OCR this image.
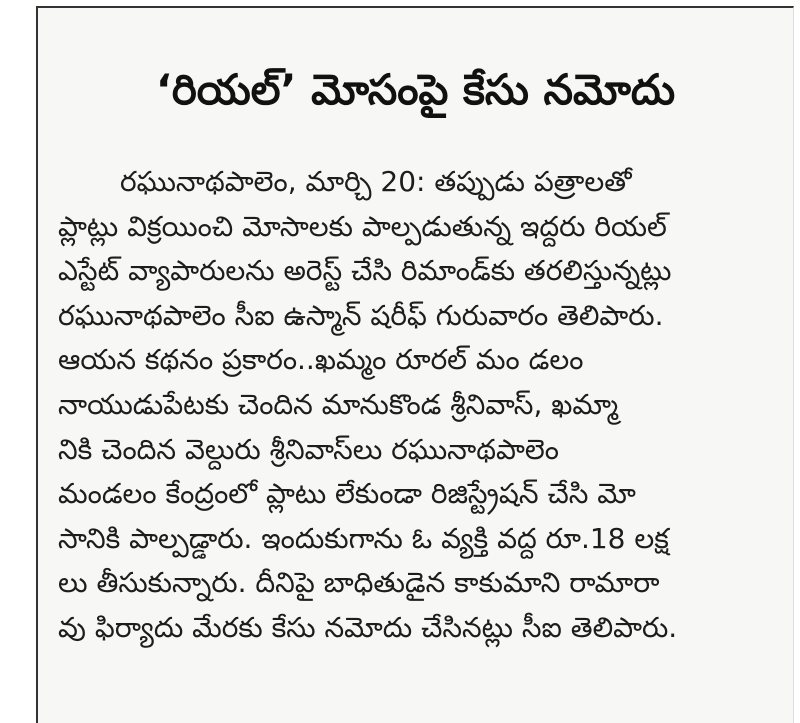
‘రియల్’ మోసంపై కేసు నమోదు
రఘునాథపాలెం, మార్చి 20: తప్పుడు పత్రాలతో
ప్లాట్లు విక్రయించి మోసాలకు పాల్పడుతున్న ఇద్దరు రియల్
ఎస్టేట్ వ్యాపారులను అరెస్ట్ చేసి రిమాండ్‌కు తరలిస్తున్నట్లు
రఘునాథపాలెం సీఐ ఉస్మాన్ షరీఫ్ గురువారం తెలిపారు.
ఆయన కథనం ప్రకారం..ఖమ్మం రూరల్ మం డలం
నాయుడుపేటకు చెందిన మానుకొండ శ్రీనివాస్, ఖమ్మా
నికి చెందిన వెల్దురు శ్రీనివాస్‌లు రఘునాథపాలెం
మండలం కేంద్రంలో ప్లాటు లేకుండా రిజిస్ట్రేషన్ చేసి మో
సానికి పాల్పడ్డారు. ఇందుకుగాను ఓ వ్యక్తి వద్ద రూ.18 లక్ష
లు తీసుకున్నారు. దీనిపై బాధితుడైన కాకుమాని రామారా
వు ఫిర్యాదు మేరకు కేసు నమోదు చేసినట్లు సీఐ తెలిపారు.
